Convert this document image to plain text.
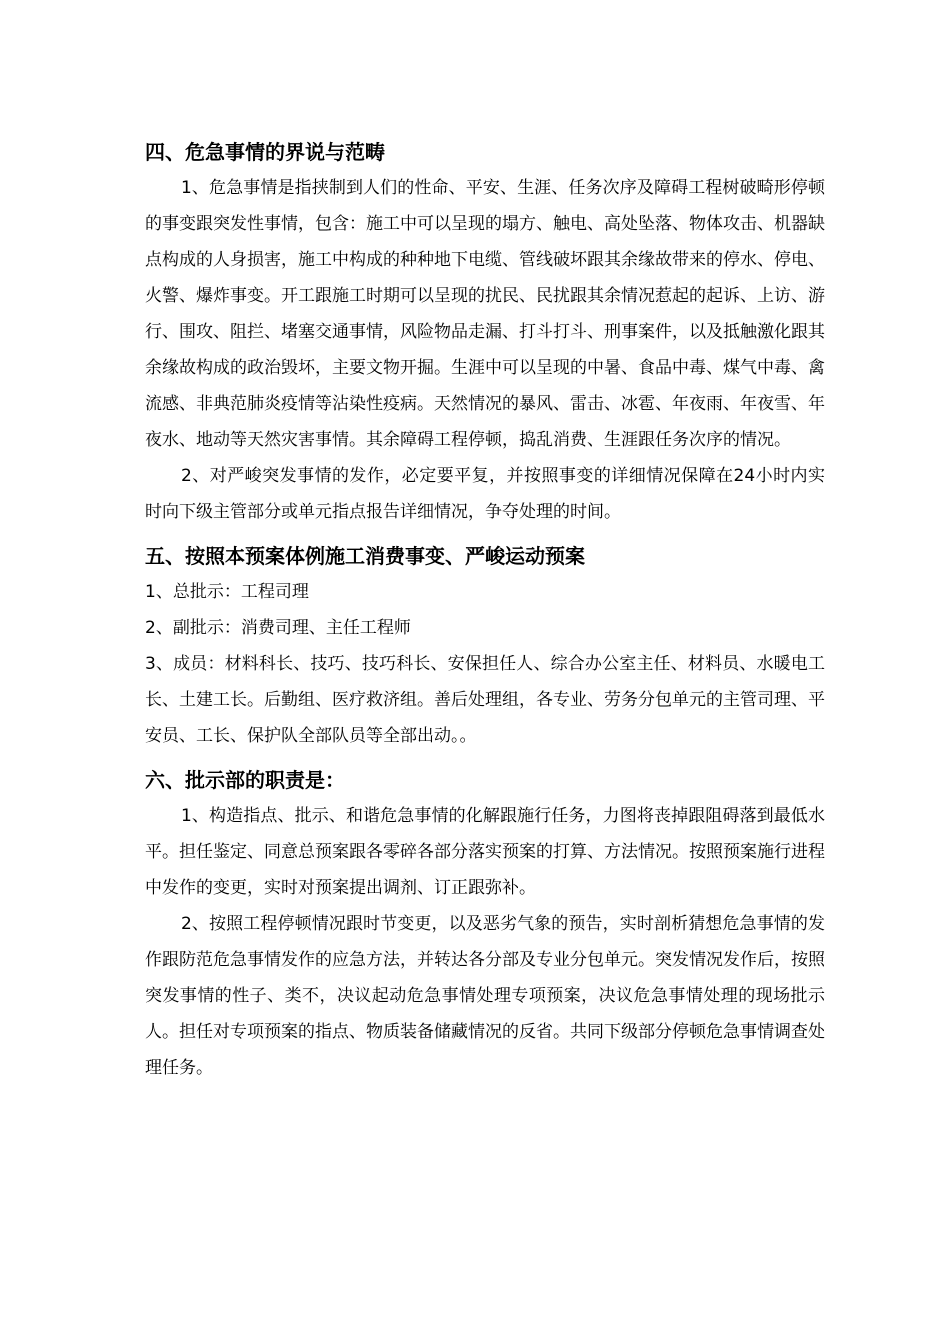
四、危急事情的界说与范畴

1、危急事情是指挟制到人们的性命、平安、生涯、任务次序及障碍工程树破畸形停顿的事变跟突发性事情，包含：施工中可以呈现的塌方、触电、高处坠落、物体攻击、机器缺点构成的人身损害，施工中构成的种种地下电缆、管线破坏跟其余缘故带来的停水、停电、火警、爆炸事变。开工跟施工时期可以呈现的扰民、民扰跟其余情况惹起的起诉、上访、游行、围攻、阻拦、堵塞交通事情，风险物品走漏、打斗打斗、刑事案件，以及抵触激化跟其余缘故构成的政治毁坏，主要文物开掘。生涯中可以呈现的中暑、食品中毒、煤气中毒、禽流感、非典范肺炎疫情等沾染性疫病。天然情况的暴风、雷击、冰雹、年夜雨、年夜雪、年夜水、地动等天然灾害事情。其余障碍工程停顿，捣乱消费、生涯跟任务次序的情况。

2、对严峻突发事情的发作，必定要平复，并按照事变的详细情况保障在24小时内实时向下级主管部分或单元指点报告详细情况，争夺处理的时间。

五、按照本预案体例施工消费事变、严峻运动预案

1、总批示：工程司理

2、副批示：消费司理、主任工程师

3、成员：材料科长、技巧、技巧科长、安保担任人、综合办公室主任、材料员、水暖电工长、土建工长。后勤组、医疗救济组。善后处理组，各专业、劳务分包单元的主管司理、平安员、工长、保护队全部队员等全部出动。。

六、批示部的职责是：

1、构造指点、批示、和谐危急事情的化解跟施行任务，力图将丧掉跟阻碍落到最低水平。担任鉴定、同意总预案跟各零碎各部分落实预案的打算、方法情况。按照预案施行进程中发作的变更，实时对预案提出调剂、订正跟弥补。

2、按照工程停顿情况跟时节变更，以及恶劣气象的预告，实时剖析猜想危急事情的发作跟防范危急事情发作的应急方法，并转达各分部及专业分包单元。突发情况发作后，按照突发事情的性子、类不，决议起动危急事情处理专项预案，决议危急事情处理的现场批示人。担任对专项预案的指点、物质装备储藏情况的反省。共同下级部分停顿危急事情调查处理任务。
